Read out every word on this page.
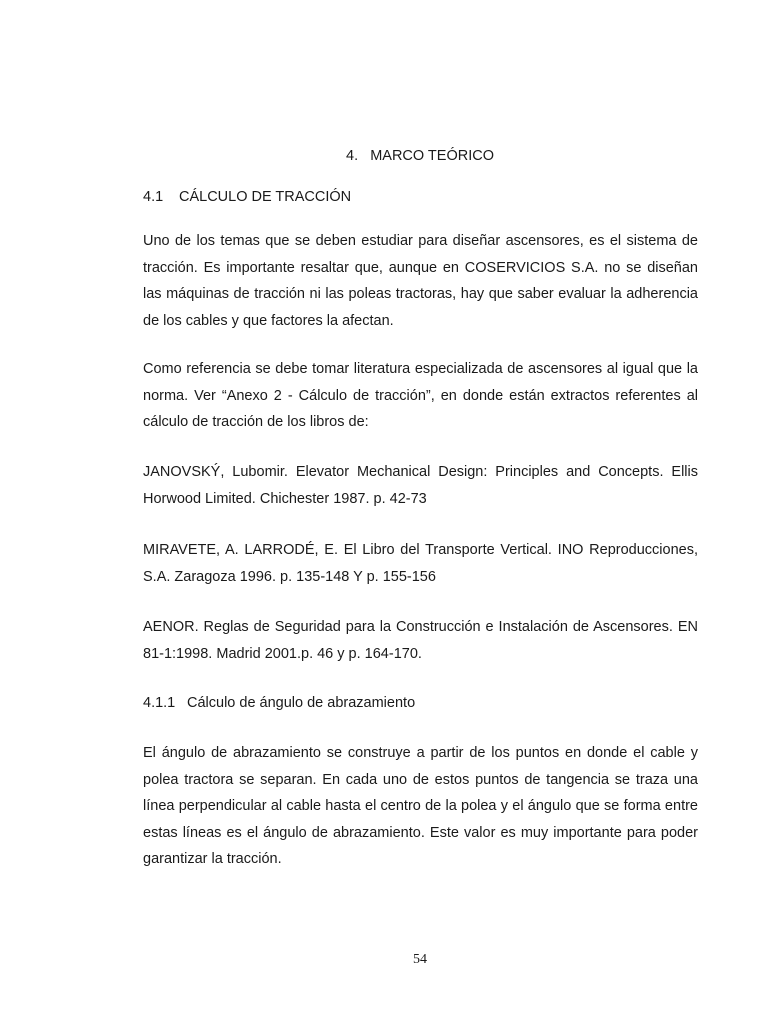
4. MARCO TEÓRICO
4.1 CÁLCULO DE TRACCIÓN

Uno de los temas que se deben estudiar para diseñar ascensores, es el sistema de tracción. Es importante resaltar que, aunque en COSERVICIOS S.A. no se diseñan las máquinas de tracción ni las poleas tractoras, hay que saber evaluar la adherencia de los cables y que factores la afectan.

Como referencia se debe tomar literatura especializada de ascensores al igual que la norma. Ver “Anexo 2 - Cálculo de tracción”, en donde están extractos referentes al cálculo de tracción de los libros de:

JANOVSKÝ, Lubomir. Elevator Mechanical Design: Principles and Concepts. Ellis Horwood Limited. Chichester 1987. p. 42-73

MIRAVETE, A. LARRODÉ, E. El Libro del Transporte Vertical. INO Reproducciones, S.A. Zaragoza 1996. p. 135-148 Y p. 155-156

AENOR. Reglas de Seguridad para la Construcción e Instalación de Ascensores. EN 81-1:1998. Madrid 2001.p. 46 y p. 164-170.

4.1.1 Cálculo de ángulo de abrazamiento

El ángulo de abrazamiento se construye a partir de los puntos en donde el cable y polea tractora se separan. En cada uno de estos puntos de tangencia se traza una línea perpendicular al cable hasta el centro de la polea y el ángulo que se forma entre estas líneas es el ángulo de abrazamiento. Este valor es muy importante para poder garantizar la tracción.

54
